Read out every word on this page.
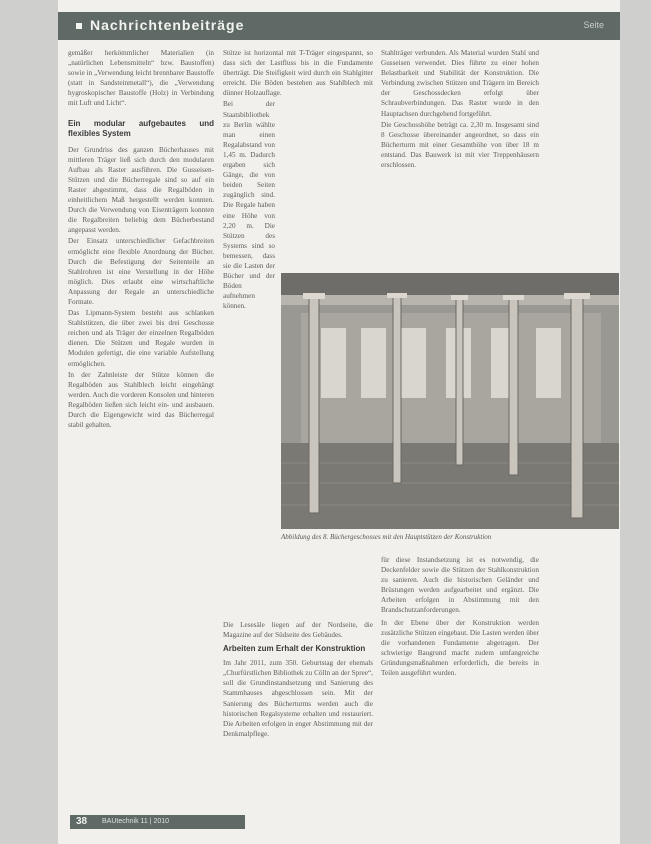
Nachrichtenbeiträge	Seite

gemäßer herkömmlicher Materialien (in „natürlichen Lebensmitteln“ bzw. Baustoffen) sowie in „Verwendung leicht brennbarer Baustoffe (statt in Sandsteinmetall“), die „Verwendung hygroskopischer Baustoffe (Holz) in Verbindung mit Luft und Licht“.

Ein modular aufgebautes und flexibles System

Der Grundriss des ganzen Bücherhauses mit mittleren Träger ließ sich durch den modularen Aufbau als Raster ausführen. Die Gusseisen-Stützen und die Bücherregale sind so auf ein Raster abgestimmt, dass die Regalböden in einheitlichem Maß hergestellt werden konnten. Durch die Verwendung von Eisenträgern konnten die Regalbreiten beliebig dem Bücherbestand angepasst werden.

Der Einsatz unterschiedlicher Gefachbreiten ermöglicht eine flexible Anordnung der Bücher. Durch die Befestigung der Seitenteile an Stahlrohren ist eine Verstellung in der Höhe möglich. Dies erlaubt eine wirtschaftliche Anpassung der Regale an unterschiedliche Formate.

Das Lipmann-System besteht aus schlanken Stahlstützen, die über zwei bis drei Geschosse reichen und als Träger der einzelnen Regalböden dienen. Die Stützen und Regale wurden in Modulen gefertigt, die eine variable Aufstellung ermöglichen.

In der Zahnleiste der Stütze können die Regalböden aus Stahlblech leicht eingehängt werden. Auch die vorderen Konsolen und hinteren Regalböden ließen sich leicht ein- und ausbauen. Durch die Eigengewicht wird das Bücherregal stabil gehalten.

Stütze ist horizontal mit T-Träger eingespannt, so dass sich der Lastfluss bis in die Fundamente überträgt. Die Steifigkeit wird durch ein Stahlgitter erreicht. Die Böden bestehen aus Stahlblech mit dünner Holzauflage.

Bei der Staatsbibliothek zu Berlin wählte man einen Regalabstand von 1,45 m. Dadurch ergaben sich Gänge, die von beiden Seiten zugänglich sind. Die Regale haben eine Höhe von 2,20 m. Die Stützen des Systems sind so bemessen, dass sie die Lasten der Bücher und der Böden aufnehmen können.

Stahlträger verbunden. Als Material wurden Stahl und Gusseisen verwendet. Dies führte zu einer hohen Belastbarkeit und Stabilität der Konstruktion. Die Verbindung zwischen Stützen und Trägern im Bereich der Geschossdecken erfolgt über Schraubverbindungen. Das Raster wurde in den Hauptachsen durchgehend fortgeführt.

Die Geschosshöhe beträgt ca. 2,30 m. Insgesamt sind 8 Geschosse übereinander angeordnet, so dass ein Bücherturm mit einer Gesamthöhe von über 18 m entstand. Das Bauwerk ist mit vier Treppenhäusern erschlossen.

Abbildung des 8. Büchergeschosses mit den Hauptstützen der Konstruktion

Die Lesesäle liegen auf der Nordseite, die Magazine auf der Südseite des Gebäudes.

Arbeiten zum Erhalt der Konstruktion

Im Jahr 2011, zum 350. Geburtstag der ehemals „Churfürstlichen Bibliothek zu Cölln an der Spree“, soll die Grundinstandsetzung und Sanierung des Stammhauses abgeschlossen sein. Mit der Sanierung des Bücherturms werden auch die historischen Regalsysteme erhalten und restauriert. Die Arbeiten erfolgen in enger Abstimmung mit der Denkmalpflege.

für diese Instandsetzung ist es notwendig, die Deckenfelder sowie die Stützen der Stahlkonstruktion zu sanieren. Auch die historischen Geländer und Brüstungen werden aufgearbeitet und ergänzt. Die Arbeiten erfolgen in Abstimmung mit den Brandschutzanforderungen.

In der Ebene über der Konstruktion werden zusätzliche Stützen eingebaut. Die Lasten werden über die vorhandenen Fundamente abgetragen. Der schwierige Baugrund macht zudem umfangreiche Gründungsmaßnahmen erforderlich, die bereits in Teilen ausgeführt wurden.

38 BAUtechnik 11 | 2010
